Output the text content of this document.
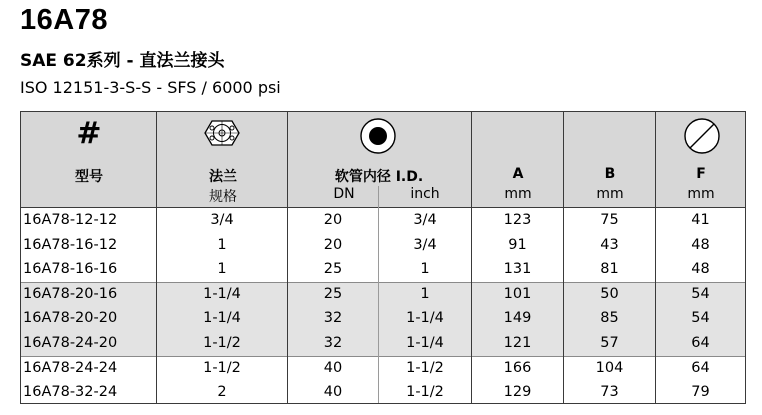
16A78
SAE 62系列 - 直法兰接头
ISO 12151-3-S-S - SFS / 6000 psi
#
型号	法兰
规格
软管内径 I.D.
DN	inch
A
mm
B
mm
F
mm
16A78-12-12	3/4	20	3/4	123	75	41
16A78-16-12	1	20	3/4	91	43	48
16A78-16-16	1	25	1	131	81	48
16A78-20-16	1-1/4	25	1	101	50	54
16A78-20-20	1-1/4	32	1-1/4	149	85	54
16A78-24-20	1-1/2	32	1-1/4	121	57	64
16A78-24-24	1-1/2	40	1-1/2	166	104	64
16A78-32-24	2	40	1-1/2	129	73	79
